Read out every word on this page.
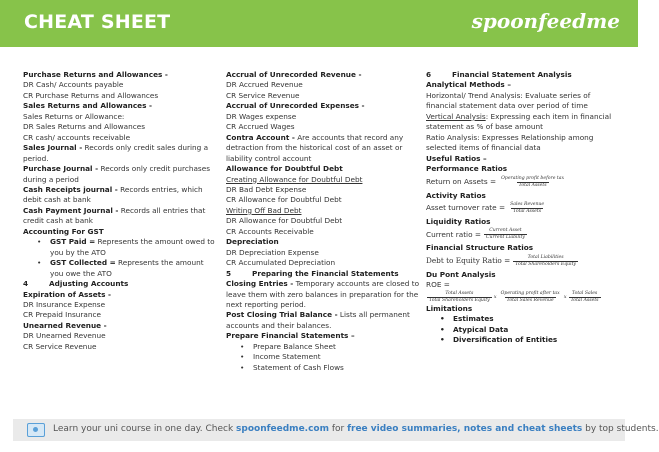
CHEAT SHEET	spoonfeedme
Purchase Returns and Allowances -
DR Cash/ Accounts payable
CR Purchase Returns and Allowances
Sales Returns and Allowances -
Sales Returns or Allowance:
DR Sales Returns and Allowances
CR cash/ accounts receivable
Sales Journal - Records only credit sales during a period.
Purchase Journal - Records only credit purchases during a period
Cash Receipts journal - Records entries, which debit cash at bank
Cash Payment Journal - Records all entries that credit cash at bank
Accounting For GST
• GST Paid = Represents the amount owed to you by the ATO
• GST Collected = Represents the amount you owe the ATO
4	Adjusting Accounts
Expiration of Assets -
DR Insurance Expense
CR Prepaid Insurance
Unearned Revenue -
DR Unearned Revenue
CR Service Revenue
Accrual of Unrecorded Revenue -
DR Accrued Revenue
CR Service Revenue
Accrual of Unrecorded Expenses -
DR Wages expense
CR Accrued Wages
Contra Account - Are accounts that record any detraction from the historical cost of an asset or liability control account
Allowance for Doubtful Debt
Creating Allowance for Doubtful Debt
DR Bad Debt Expense
CR Allowance for Doubtful Debt
Writing Off Bad Debt
DR Allowance for Doubtful Debt
CR Accounts Receivable
Depreciation
DR Depreciation Expense
CR Accumulated Depreciation
5	Preparing the Financial Statements
Closing Entries - Temporary accounts are closed to leave them with zero balances in preparation for the next reporting period.
Post Closing Trial Balance - Lists all permanent accounts and their balances.
Prepare Financial Statements –
• Prepare Balance Sheet
• Income Statement
• Statement of Cash Flows
6	Financial Statement Analysis
Analytical Methods –
Horizontal/ Trend Analysis: Evaluate series of financial statement data over period of time
Vertical Analysis: Expressing each item in financial statement as % of base amount
Ratio Analysis: Expresses Relationship among selected items of financial data
Useful Ratios –
Performance Ratios
Return on Assets = $\frac{\text{Operating profit before tax}}{\text{Total Assets}}$
Activity Ratios
Asset turnover rate = $\frac{\text{Sales Revenue}}{\text{Total Assets}}$
Liquidity Ratios
Current ratio = $\frac{\text{Current Asset}}{\text{Current Liability}}$
Financial Structure Ratios
Debt to Equity Ratio = $\frac{\text{Total Liabilities}}{\text{Total Shareholders Equity}}$
Du Pont Analysis
ROE =
$\frac{\text{Total Assets}}{\text{Total Shareholders Equity}}$ x $\frac{\text{Operating profit after tax}}{\text{Total Sales Revenue}}$ x $\frac{\text{Total Sales}}{\text{Total Assets}}$
Limitations
• Estimates
• Atypical Data
• Diversification of Entities
Learn your uni course in one day. Check spoonfeedme.com for free video summaries, notes and cheat sheets by top students.
